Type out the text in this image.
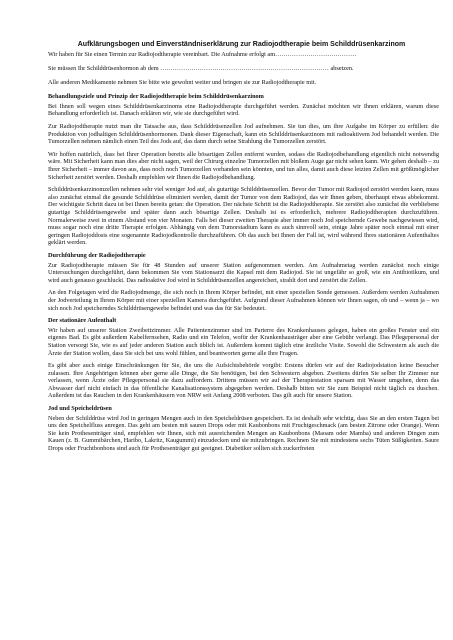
Aufklärungsbogen und Einverständniserklärung zur Radiojodtherapie beim Schilddrüsenkarzinom
Wir haben für Sie einen Termin zur Radiojodtherapie vereinbart. Die Aufnahme erfolgt am…………………………………
Sie müssen Ihr Schilddrüsenhormon ab dem ……………………………………………………………………… absetzen.
Alle anderen Medikamente nehmen Sie bitte wie gewohnt weiter und bringen sie zur Radiojodtherapie mit.
Behandlungsziele und Prinzip der Radiojodtherapie beim Schilddrüsenkarzinom

Bei Ihnen soll wegen eines Schilddrüsenkarzinoms eine Radiojodtherapie durchgeführt werden. Zunächst möchten wir Ihnen erklären, warum diese Behandlung erforderlich ist. Danach erklären wir, wie sie durchgeführt wird.

Zur Radiojodtherapie nutzt man die Tatsache aus, dass Schilddrüsenzellen Jod aufnehmen. Sie tun dies, um ihre Aufgabe im Körper zu erfüllen: die Produktion von jodhaltigen Schilddrüsenhormonen. Dank dieser Eigenschaft, kann ein Schilddrüsenkarzinom mit radioaktivem Jod behandelt werden. Die Tumorzellen nehmen nämlich einen Teil des Jods auf, das dann durch seine Strahlung die Tumorzellen zerstört.

Wir hoffen natürlich, dass bei Ihrer Operation bereits alle bösartigen Zellen entfernt wurden, sodass die Radiojodbehandlung eigentlich nicht notwendig wäre. Mit Sicherheit kann man dies aber nicht sagen, weil der Chirurg einzelne Tumorzellen mit bloßem Auge gar nicht sehen kann. Wir gehen deshalb – zu Ihrer Sicherheit – immer davon aus, dass noch noch Tumorzellen vorhanden sein könnten, und tun alles, damit auch diese letzten Zellen mit größtmöglicher Sicherheit zerstört werden. Deshalb empfehlen wir Ihnen die Radiojodbehandlung.

Schilddrüsenkarzinomzellen nehmen sehr viel weniger Jod auf, als gutartige Schilddrüsenzellen. Bevor der Tumor mit Radiojod zerstört werden kann, muss also zunächst einmal die gesunde Schilddrüse eliminiert werden, damit der Tumor von dem Radiojod, das wir Ihnen geben, überhaupt etwas abbekommt. Der wichtigste Schritt dazu ist bei Ihnen bereits getan: die Operation. Der nächste Schritt ist die Radiojodtherapie. Sie zerstört also zunächst die verbliebene gutartige Schilddrüsengewebe und später dann auch bösartige Zellen. Deshalb ist es erforderlich, mehrere Radiojodtherapien durchzuführen. Normalerweise zwei in einem Abstand von vier Monaten. Falls bei dieser zweiten Therapie aber immer noch Jod speichernde Gewebe nachgewiesen wird, muss sogar noch eine dritte Therapie erfolgen. Abhängig von dem Tumorstadium kann es auch sinnvoll sein, einige Jahre später noch einmal mit einer geringen Radiojoddosis eine sogenannte Radiojodkontrolle durchzuführen. Ob das auch bei Ihnen der Fall ist, wird während Ihres stationären Aufenthaltes geklärt werden.

Durchführung der Radiojodtherapie

Zur Radiojodtherapie müssen Sie für 48 Stunden auf unserer Station aufgenommen werden. Am Aufnahmetag werden zunächst noch einige Untersuchungen durchgeführt, dann bekommen Sie vom Stationsarzt die Kapsel mit dem Radiojod. Sie ist ungefähr so groß, wie ein Antibiotikum, und wird auch genauso geschluckt. Das radioaktive Jod wird in Schilddrüsenzellen angereichert, strahlt dort und zerstört die Zellen.

An den Folgetagen wird die Radiojodmenge, die sich noch in Ihrem Körper befindet, mit einer speziellen Sonde gemessen. Außerdem werden Aufnahmen der Jodverteilung in Ihrem Körper mit einer speziellen Kamera durchgeführt. Aufgrund dieser Aufnahmen können wir Ihnen sagen, ob und – wenn ja – wo sich noch Jod speicherndes Schilddrüsengewebe befindet und was das für Sie bedeutet.

Der stationäre Aufenthalt

Wir haben auf unserer Station Zweibettzimmer. Alle Patientenzimmer sind im Parterre des Krankenhauses gelegen, haben ein großes Fenster und ein eigenes Bad. Es gibt außerdem Kabelfernsehen, Radio und ein Telefon, wofür der Krankenhausträger aber eine Gebühr verlangt. Das Pflegepersonal der Station versorgt Sie, wie es auf jeder anderen Station auch üblich ist. Außerdem kommt täglich eine ärztliche Visite. Sowohl die Schwestern als auch die Ärzte der Station wollen, dass Sie sich bei uns wohl fühlen, und beantworten gerne alle Ihre Fragen.

Es gibt aber auch einige Einschränkungen für Sie, die uns die Aufsichtsbehörde vorgibt: Erstens dürfen wir auf der Radiojodstation keine Besucher zulassen. Ihre Angehörigen können aber gerne alle Dinge, die Sie benötigen, bei den Schwestern abgeben. Zweitens dürfen Sie selber Ihr Zimmer nur verlassen, wenn Ärzte oder Pflegepersonal sie dazu auffordern. Drittens müssen wir auf der Therapiestation sparsam mit Wasser umgehen, denn das Abwasser darf nicht einfach in das öffentliche Kanalisationssystem abgegeben werden. Deshalb bitten wir Sie zum Beispiel nicht täglich zu duschen. Außerdem ist das Rauchen in den Krankenhäusern von NRW seit Anfang 2008 verboten. Das gilt auch für unsere Station.

Jod und Speicheldrüsen

Neben der Schilddrüse wird Jod in geringen Mengen auch in den Speicheldrüsen gespeichert. Es ist deshalb sehr wichtig, dass Sie an den ersten Tagen bei uns den Speichelfluss anregen. Das geht am besten mit sauren Drops oder mit Kaubonbons mit Fruchtgeschmack (am besten Zitrone oder Orange). Wenn Sie kein Prothesenträger sind, empfehlen wir Ihnen, sich mit ausreichenden Mengen an Kaubonbons (Maoam oder Mamba) und anderen Dingen zum Kauen (z. B. Gummibärchen, Haribo, Lakritz, Kaugummi) einzudecken und sie mitzubringen. Rechnen Sie mit mindestens sechs Tüten Süßigkeiten. Saure Drops oder Fruchtbonbons sind auch für Prothesenträger gut geeignet. Diabetiker sollten sich zuckerfreien
